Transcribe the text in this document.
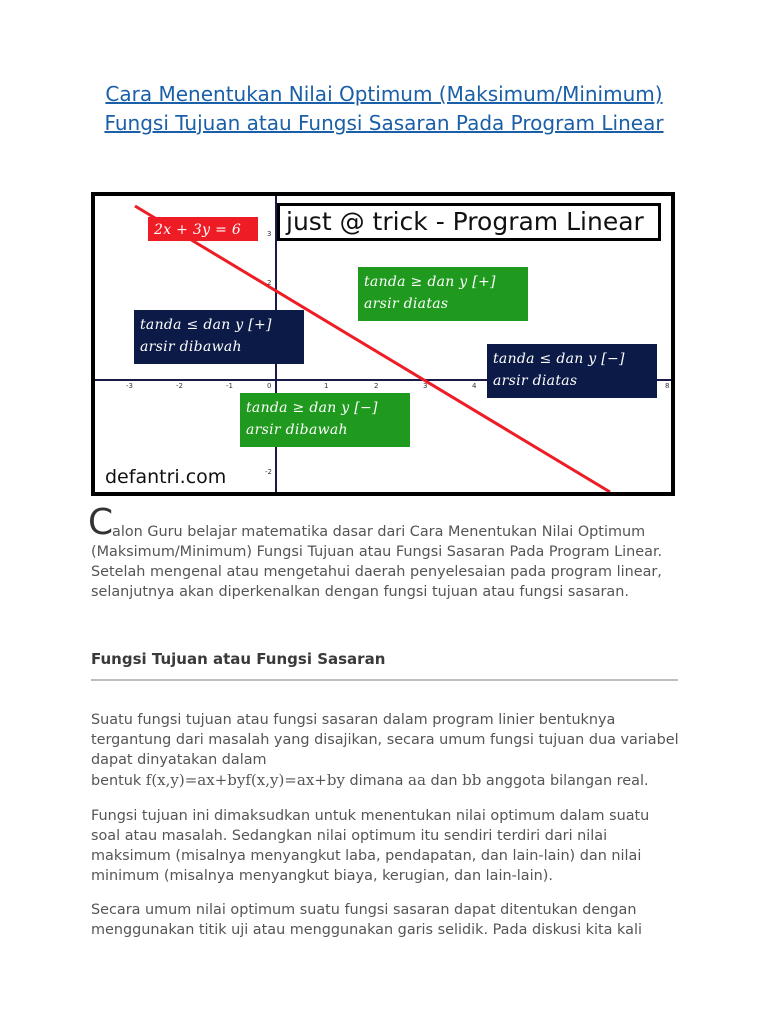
Cara Menentukan Nilai Optimum (Maksimum/Minimum) Fungsi Tujuan atau Fungsi Sasaran Pada Program Linear
-3	-2	-1	0	1	2	3	4	8
3
2
-2
2x + 3y = 6	just @ trick - Program Linear
tanda ≥ dan y [+]
arsir diatas
tanda ≤ dan y [+]
arsir dibawah
tanda ≤ dan y [−]
arsir diatas
tanda ≥ dan y [−]
arsir dibawah
defantri.com
C

alon Guru belajar matematika dasar dari Cara Menentukan Nilai Optimum (Maksimum/Minimum) Fungsi Tujuan atau Fungsi Sasaran Pada Program Linear. Setelah mengenal atau mengetahui daerah penyelesaian pada program linear, selanjutnya akan diperkenalkan dengan fungsi tujuan atau fungsi sasaran.

Fungsi Tujuan atau Fungsi Sasaran

Suatu fungsi tujuan atau fungsi sasaran dalam program linier bentuknya tergantung dari masalah yang disajikan, secara umum fungsi tujuan dua variabel dapat dinyatakan dalam
bentuk f(x,y)=ax+byf(x,y)=ax+by dimana aa dan bb anggota bilangan real.

Fungsi tujuan ini dimaksudkan untuk menentukan nilai optimum dalam suatu soal atau masalah. Sedangkan nilai optimum itu sendiri terdiri dari nilai maksimum (misalnya menyangkut laba, pendapatan, dan lain-lain) dan nilai minimum (misalnya menyangkut biaya, kerugian, dan lain-lain).

Secara umum nilai optimum suatu fungsi sasaran dapat ditentukan dengan menggunakan titik uji atau menggunakan garis selidik. Pada diskusi kita kali
